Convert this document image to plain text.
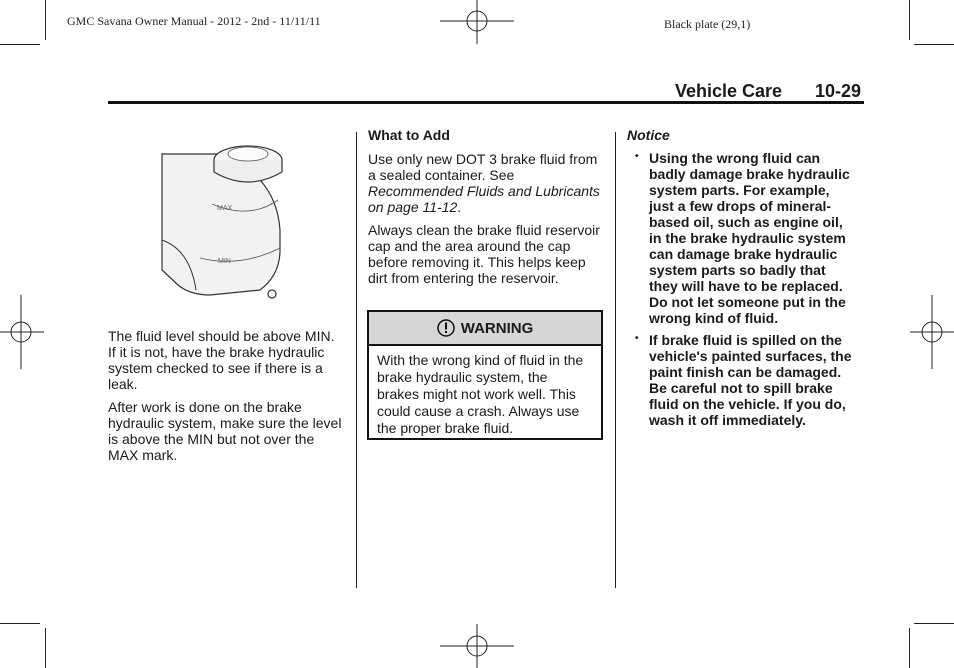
GMC Savana Owner Manual - 2012 - 2nd - 11/11/11	Black plate (29,1)
Vehicle Care 10-29
MAX
MIN

The fluid level should be above MIN. If it is not, have the brake hydraulic system checked to see if there is a leak.

After work is done on the brake hydraulic system, make sure the level is above the MIN but not over the MAX mark.

What to Add

Use only new DOT 3 brake fluid from a sealed container. See Recommended Fluids and Lubricants on page 11-12.

Always clean the brake fluid reservoir cap and the area around the cap before removing it. This helps keep dirt from entering the reservoir.

WARNING
With the wrong kind of fluid in the brake hydraulic system, the brakes might not work well. This could cause a crash. Always use the proper brake fluid.
Notice
• Using the wrong fluid can badly damage brake hydraulic system parts. For example, just a few drops of mineral-based oil, such as engine oil, in the brake hydraulic system can damage brake hydraulic system parts so badly that they will have to be replaced. Do not let someone put in the wrong kind of fluid.
• If brake fluid is spilled on the vehicle's painted surfaces, the paint finish can be damaged. Be careful not to spill brake fluid on the vehicle. If you do, wash it off immediately.
